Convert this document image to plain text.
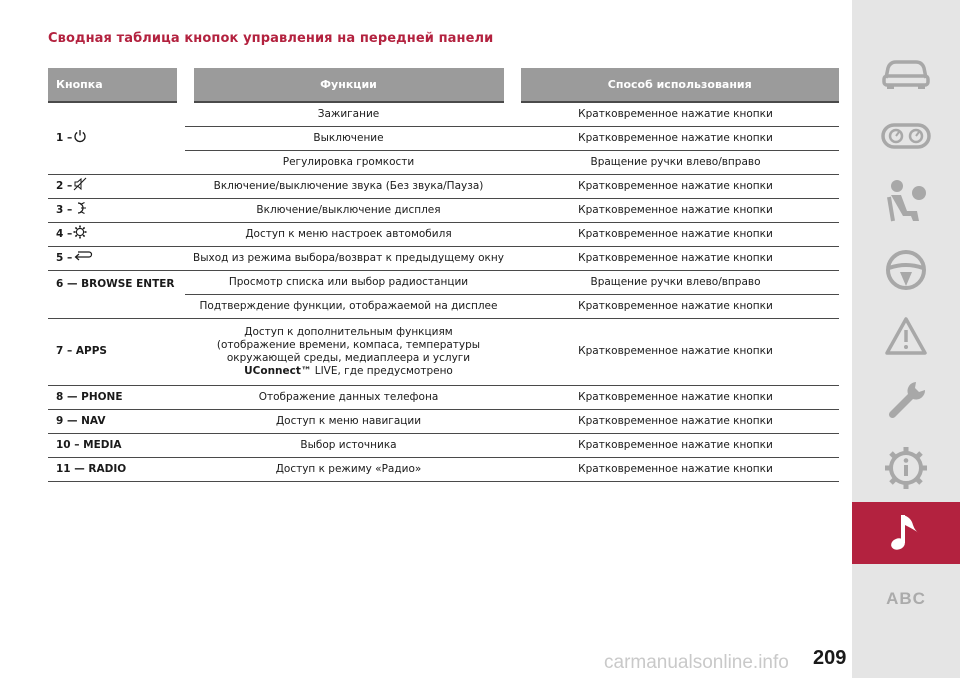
Сводная таблица кнопок управления на передней панели
Кнопка	Функции	Способ использования
1 –	Зажигание	Кратковременное нажатие кнопки
	Выключение	Кратковременное нажатие кнопки
	Регулировка громкости	Вращение ручки влево/вправо
2 –	Включение/выключение звука (Без звука/Пауза)	Кратковременное нажатие кнопки
3 –	Включение/выключение дисплея	Кратковременное нажатие кнопки
4 –	Доступ к меню настроек автомобиля	Кратковременное нажатие кнопки
5 –	Выход из режима выбора/возврат к предыдущему окну	Кратковременное нажатие кнопки
6 — BROWSE ENTER	Просмотр списка или выбор радиостанции	Вращение ручки влево/вправо
	Подтверждение функции, отображаемой на дисплее	Кратковременное нажатие кнопки
7 – APPS	Доступ к дополнительным функциям (отображение времени, компаса, температуры окружающей среды, медиаплеера и услуги UConnect™ LIVE, где предусмотрено	Кратковременное нажатие кнопки
8 — PHONE	Отображение данных телефона	Кратковременное нажатие кнопки
9 — NAV	Доступ к меню навигации	Кратковременное нажатие кнопки
10 – MEDIA	Выбор источника	Кратковременное нажатие кнопки
11 — RADIO	Доступ к режиму «Радио»	Кратковременное нажатие кнопки
ABC
carmanualsonline.info 209
